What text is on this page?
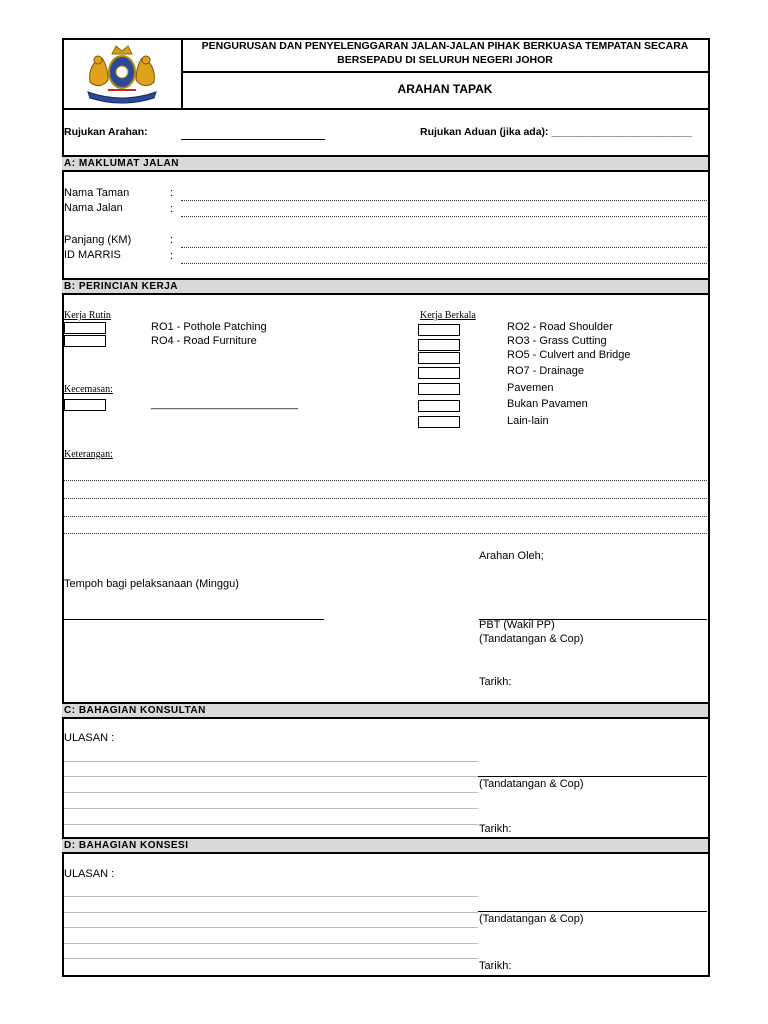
PENGURUSAN DAN PENYELENGGARAN JALAN-JALAN PIHAK BERKUASA TEMPATAN SECARA
BERSEPADU DI SELURUH NEGERI JOHOR
ARAHAN TAPAK
Rujukan Arahan:	Rujukan Aduan (jika ada): ________________________
A: MAKLUMAT JALAN
Nama Taman	:
Nama Jalan	:
Panjang (KM)	:
ID MARRIS	:
B: PERINCIAN KERJA
Kerja Rutin
RO1 - Pothole Patching
RO4 - Road Furniture
Kecemasan:
________________________
Kerja Berkala
RO2 - Road Shoulder
RO3 - Grass Cutting
RO5 - Culvert and Bridge
RO7 - Drainage
Pavemen
Bukan Pavamen
Lain-lain
Keterangan:
Arahan Oleh;
Tempoh bagi pelaksanaan (Minggu)
PBT (Wakil PP)
(Tandatangan & Cop)
Tarikh:
C: BAHAGIAN KONSULTAN
ULASAN :
(Tandatangan & Cop)
Tarikh:
D: BAHAGIAN KONSESI
ULASAN :
(Tandatangan & Cop)
Tarikh:
